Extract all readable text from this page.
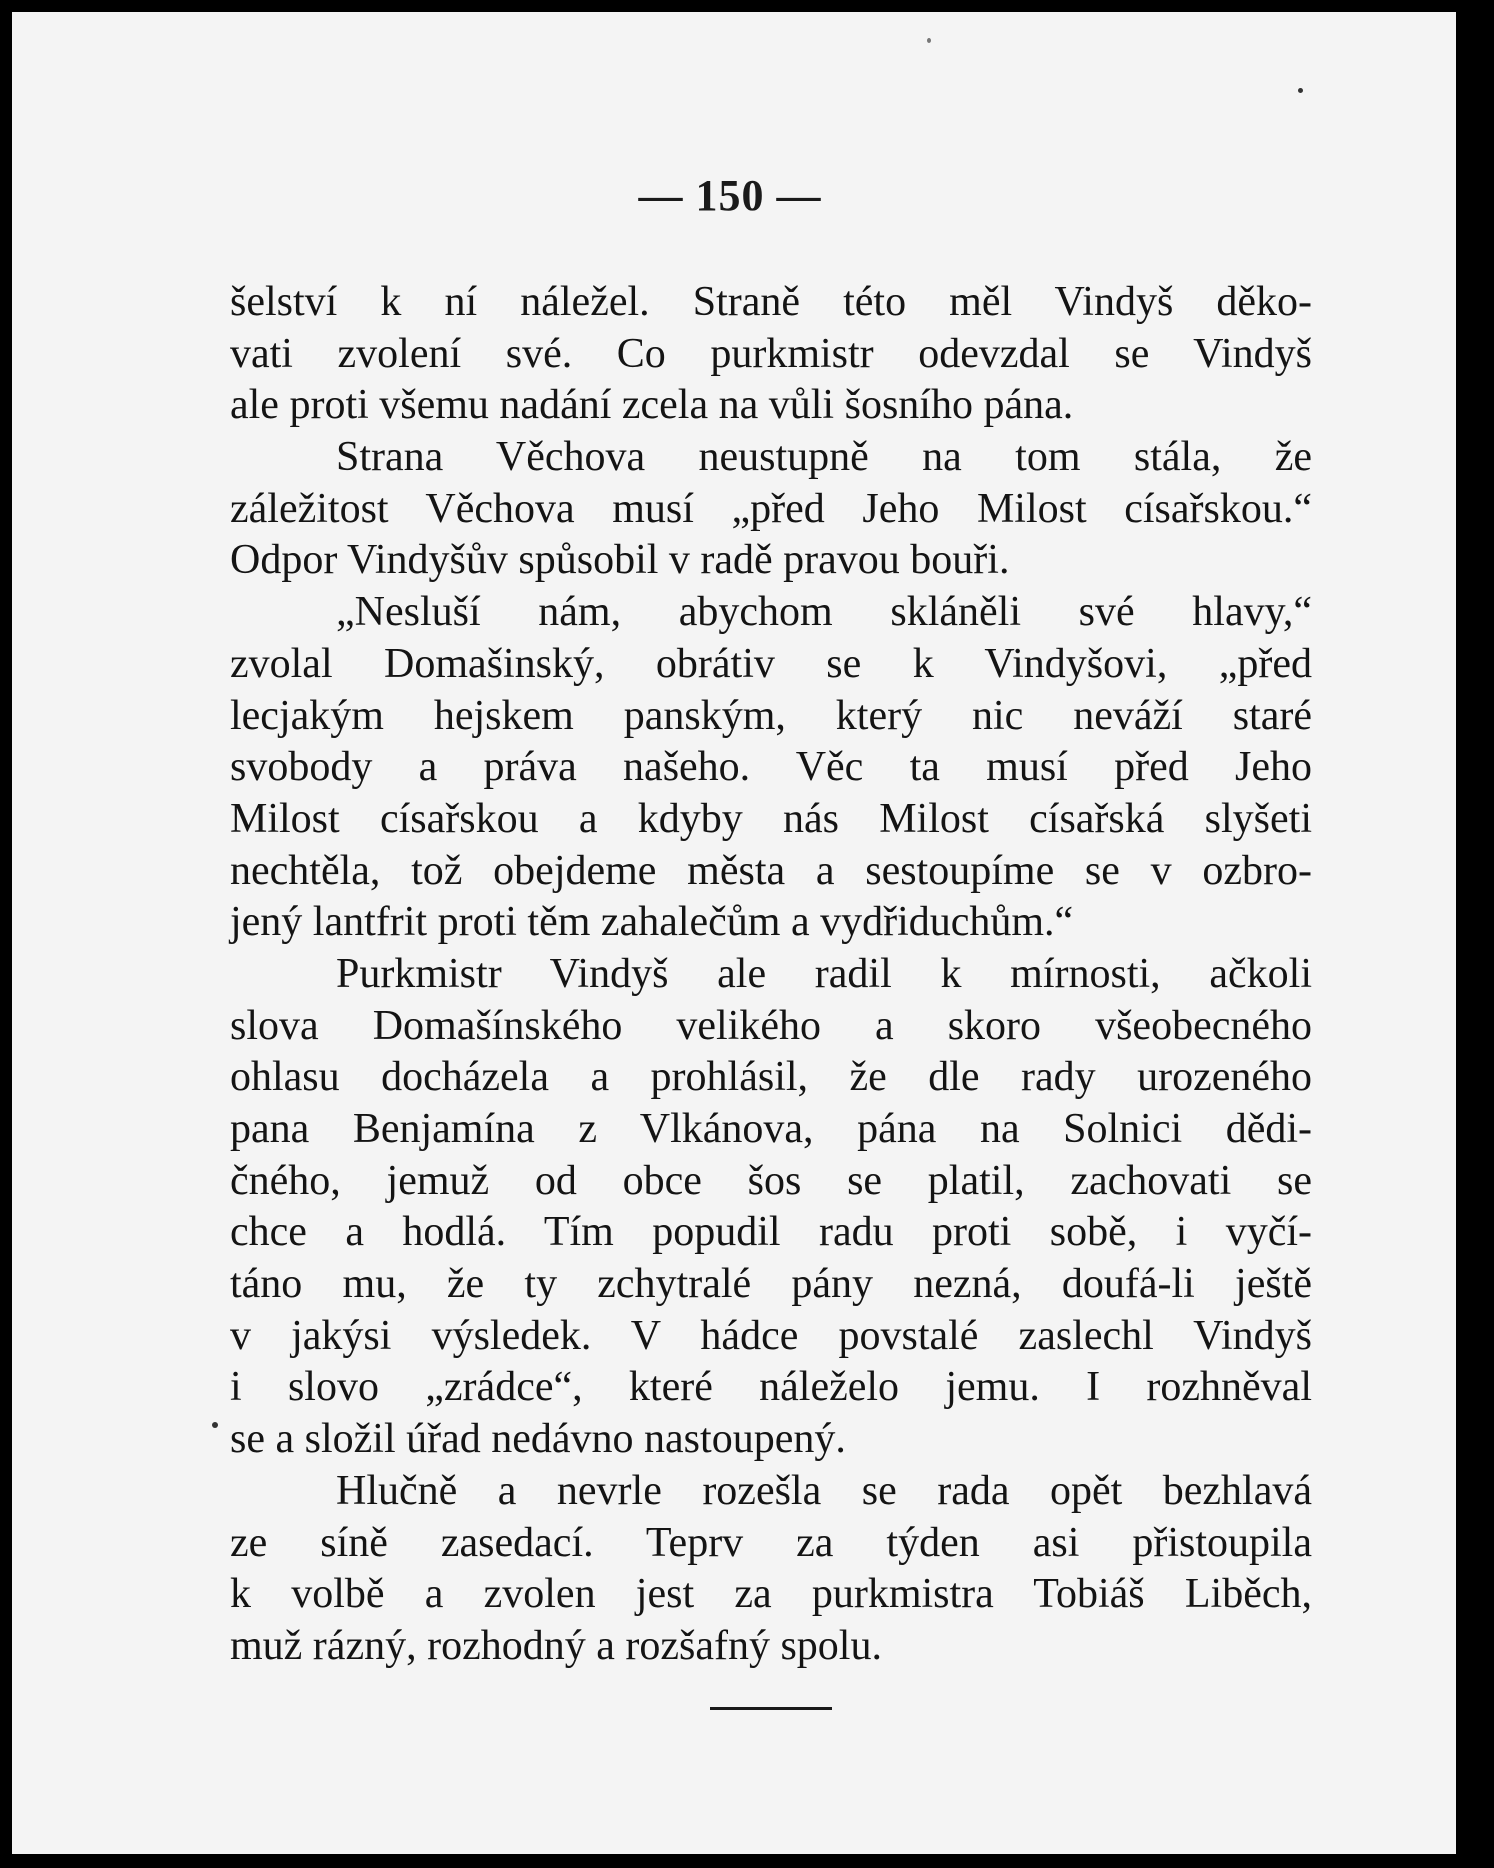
— 150 —
šelství k ní náležel. Straně této měl Vindyš děko-
vati zvolení své. Co purkmistr odevzdal se Vindyš
ale proti všemu nadání zcela na vůli šosního pána.
Strana Věchova neustupně na tom stála, že
záležitost Věchova musí „před Jeho Milost císařskou.“
Odpor Vindyšův spůsobil v radě pravou bouři.
„Nesluší nám, abychom skláněli své hlavy,“
zvolal Domašinský, obrátiv se k Vindyšovi, „před
lecjakým hejskem panským, který nic neváží staré
svobody a práva našeho. Věc ta musí před Jeho
Milost císařskou a kdyby nás Milost císařská slyšeti
nechtěla, tož obejdeme města a sestoupíme se v ozbro-
jený lantfrit proti těm zahalečům a vydřiduchům.“
Purkmistr Vindyš ale radil k mírnosti, ačkoli
slova Domašínského velikého a skoro všeobecného
ohlasu docházela a prohlásil, že dle rady urozeného
pana Benjamína z Vlkánova, pána na Solnici dědi-
čného, jemuž od obce šos se platil, zachovati se
chce a hodlá. Tím popudil radu proti sobě, i vyčí-
táno mu, že ty zchytralé pány nezná, doufá-li ještě
v jakýsi výsledek. V hádce povstalé zaslechl Vindyš
i slovo „zrádce“, které náleželo jemu. I rozhněval
se a složil úřad nedávno nastoupený.
Hlučně a nevrle rozešla se rada opět bezhlavá
ze síně zasedací. Teprv za týden asi přistoupila
k volbě a zvolen jest za purkmistra Tobiáš Liběch,
muž rázný, rozhodný a rozšafný spolu.
